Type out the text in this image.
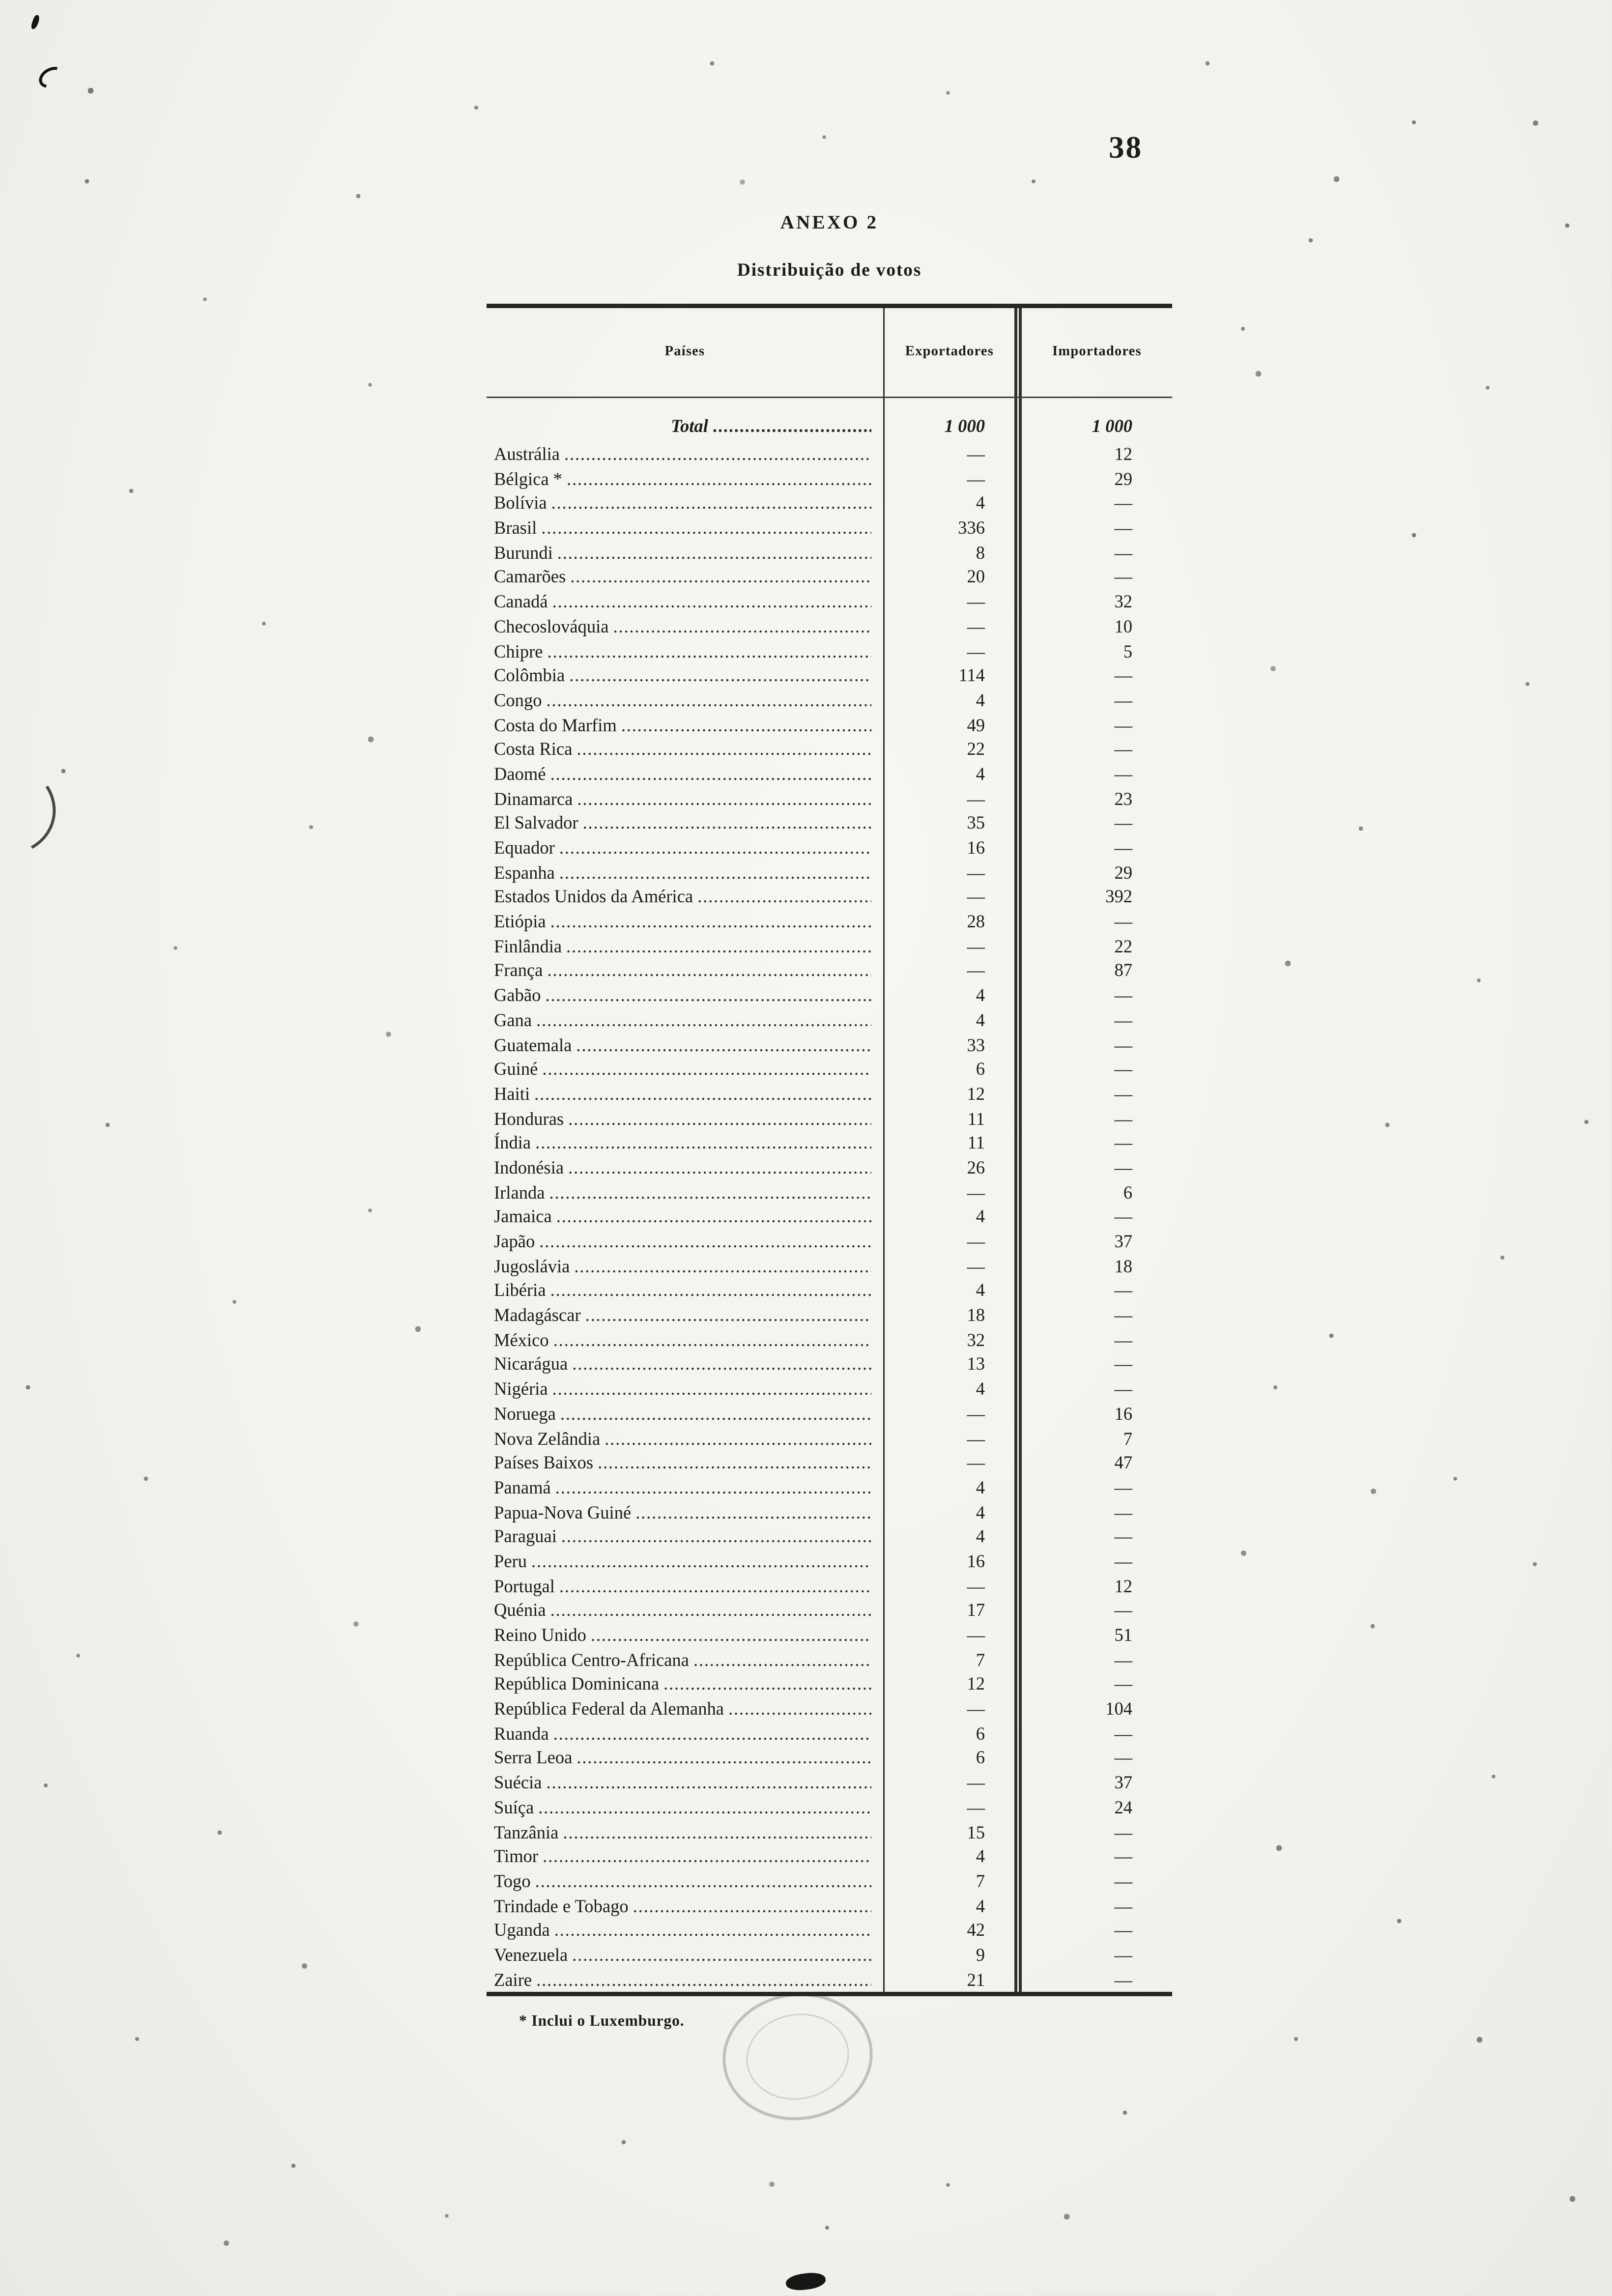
38
ANEXO 2
Distribuição de votos
Países	Exportadores	Importadores
Total .....	1 000	1 000
Austrália .....	—	12
Bélgica * .....	—	29
Bolívia .....	4	—
Brasil .....	336	—
Burundi .....	8	—
Camarões .....	20	—
Canadá .....	—	32
Checoslováquia .....	—	10
Chipre .....	—	5
Colômbia .....	114	—
Congo .....	4	—
Costa do Marfim .....	49	—
Costa Rica .....	22	—
Daomé .....	4	—
Dinamarca .....	—	23
El Salvador .....	35	—
Equador .....	16	—
Espanha .....	—	29
Estados Unidos da América .....	—	392
Etiópia .....	28	—
Finlândia .....	—	22
França .....	—	87
Gabão .....	4	—
Gana .....	4	—
Guatemala .....	33	—
Guiné .....	6	—
Haiti .....	12	—
Honduras .....	11	—
Índia .....	11	—
Indonésia .....	26	—
Irlanda .....	—	6
Jamaica .....	4	—
Japão .....	—	37
Jugoslávia .....	—	18
Libéria .....	4	—
Madagáscar .....	18	—
México .....	32	—
Nicarágua .....	13	—
Nigéria .....	4	—
Noruega .....	—	16
Nova Zelândia .....	—	7
Países Baixos .....	—	47
Panamá .....	4	—
Papua-Nova Guiné .....	4	—
Paraguai .....	4	—
Peru .....	16	—
Portugal .....	—	12
Quénia .....	17	—
Reino Unido .....	—	51
República Centro-Africana .....	7	—
República Dominicana .....	12	—
República Federal da Alemanha .....	—	104
Ruanda .....	6	—
Serra Leoa .....	6	—
Suécia .....	—	37
Suíça .....	—	24
Tanzânia .....	15	—
Timor .....	4	—
Togo .....	7	—
Trindade e Tobago .....	4	—
Uganda .....	42	—
Venezuela .....	9	—
Zaire .....	21	—
* Inclui o Luxemburgo.
